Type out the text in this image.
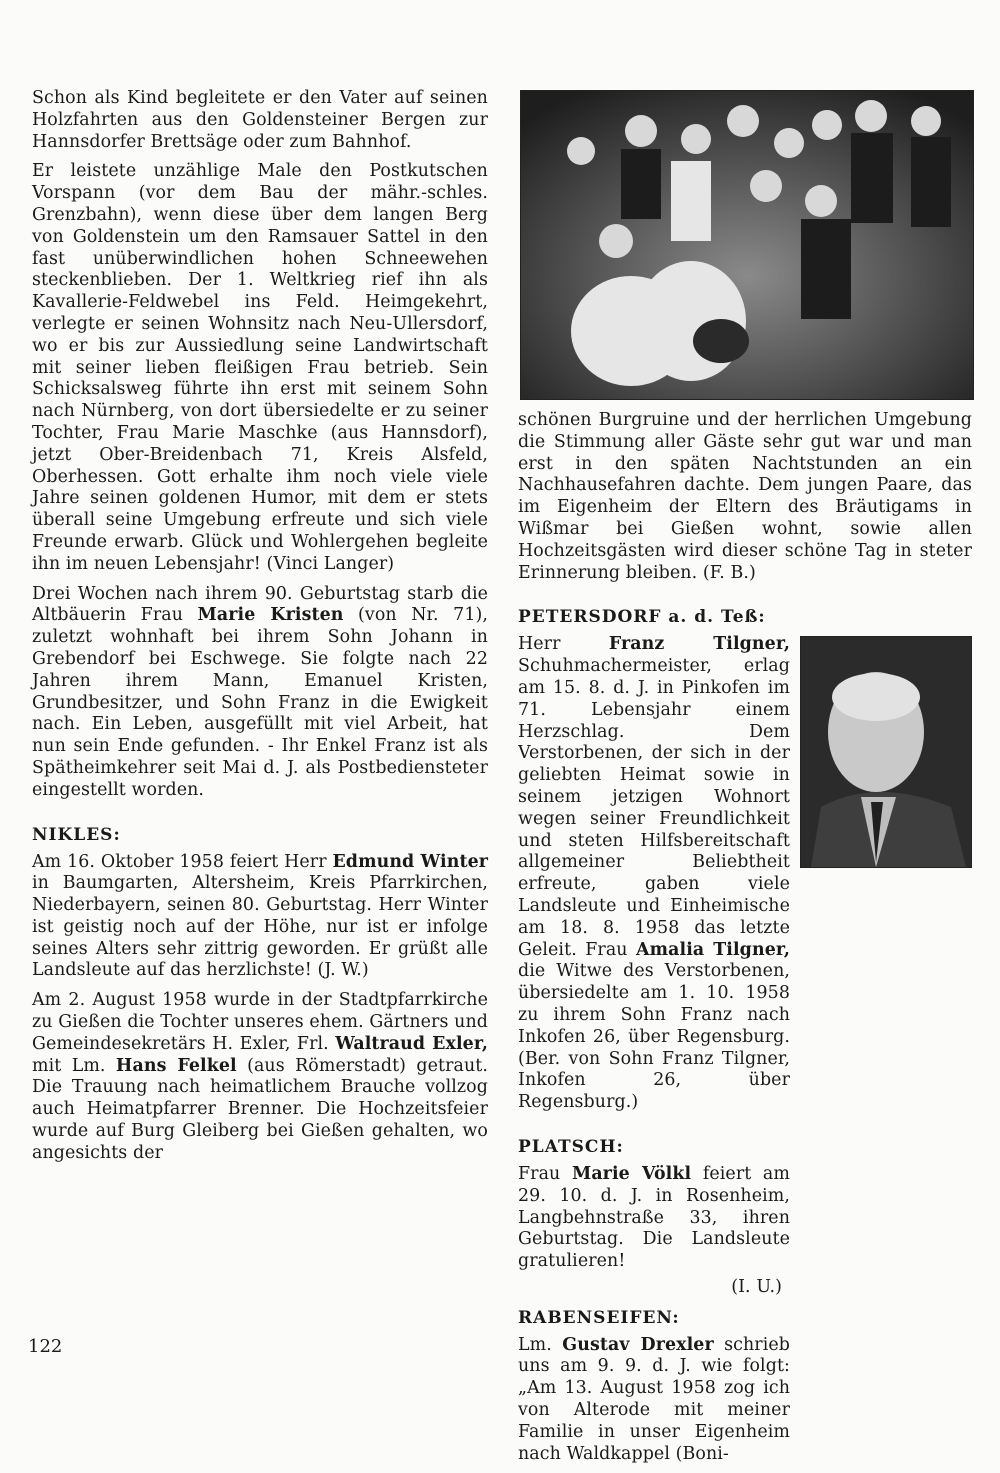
Schon als Kind begleitete er den Vater auf seinen Holzfahrten aus den Goldensteiner Bergen zur Hannsdorfer Brettsäge oder zum Bahnhof.

Er leistete unzählige Male den Postkutschen Vorspann (vor dem Bau der mähr.-schles. Grenzbahn), wenn diese über dem langen Berg von Goldenstein um den Ramsauer Sattel in den fast unüberwindlichen hohen Schneewehen steckenblieben. Der 1. Weltkrieg rief ihn als Kavallerie-Feldwebel ins Feld. Heimgekehrt, verlegte er seinen Wohnsitz nach Neu-Ullersdorf, wo er bis zur Aussiedlung seine Landwirtschaft mit seiner lieben fleißigen Frau betrieb. Sein Schicksalsweg führte ihn erst mit seinem Sohn nach Nürnberg, von dort übersiedelte er zu seiner Tochter, Frau Marie Maschke (aus Hannsdorf), jetzt Ober-Breidenbach 71, Kreis Alsfeld, Oberhessen. Gott erhalte ihm noch viele viele Jahre seinen goldenen Humor, mit dem er stets überall seine Umgebung erfreute und sich viele Freunde erwarb. Glück und Wohlergehen begleite ihn im neuen Lebensjahr! (Vinci Langer)

Drei Wochen nach ihrem 90. Geburtstag starb die Altbäuerin Frau Marie Kristen (von Nr. 71), zuletzt wohnhaft bei ihrem Sohn Johann in Grebendorf bei Eschwege. Sie folgte nach 22 Jahren ihrem Mann, Emanuel Kristen, Grundbesitzer, und Sohn Franz in die Ewigkeit nach. Ein Leben, ausgefüllt mit viel Arbeit, hat nun sein Ende gefunden. - Ihr Enkel Franz ist als Spätheimkehrer seit Mai d. J. als Postbediensteter eingestellt worden.

NIKLES:

Am 16. Oktober 1958 feiert Herr Edmund Winter in Baumgarten, Altersheim, Kreis Pfarrkirchen, Niederbayern, seinen 80. Geburtstag. Herr Winter ist geistig noch auf der Höhe, nur ist er infolge seines Alters sehr zittrig geworden. Er grüßt alle Landsleute auf das herzlichste! (J. W.)

Am 2. August 1958 wurde in der Stadtpfarrkirche zu Gießen die Tochter unseres ehem. Gärtners und Gemeindesekretärs H. Exler, Frl. Waltraud Exler, mit Lm. Hans Felkel (aus Römerstadt) getraut. Die Trauung nach heimatlichem Brauche vollzog auch Heimatpfarrer Brenner. Die Hochzeitsfeier wurde auf Burg Gleiberg bei Gießen gehalten, wo angesichts der

schönen Burgruine und der herrlichen Umgebung die Stimmung aller Gäste sehr gut war und man erst in den späten Nachtstunden an ein Nachhausefahren dachte. Dem jungen Paare, das im Eigenheim der Eltern des Bräutigams in Wißmar bei Gießen wohnt, sowie allen Hochzeitsgästen wird dieser schöne Tag in steter Erinnerung bleiben. (F. B.)

PETERSDORF a. d. Teß:

Herr Franz Tilgner, Schuhmachermeister, erlag am 15. 8. d. J. in Pinkofen im 71. Lebensjahr einem Herzschlag. Dem Verstorbenen, der sich in der geliebten Heimat sowie in seinem jetzigen Wohnort wegen seiner Freundlichkeit und steten Hilfsbereitschaft allgemeiner Beliebtheit erfreute, gaben viele Landsleute und Einheimische am 18. 8. 1958 das letzte Geleit. Frau Amalia Tilgner, die Witwe des Verstorbenen, übersiedelte am 1. 10. 1958 zu ihrem Sohn Franz nach Inkofen 26, über Regensburg. (Ber. von Sohn Franz Tilgner, Inkofen 26, über Regensburg.)

PLATSCH:

Frau Marie Völkl feiert am 29. 10. d. J. in Rosenheim, Langbehnstraße 33, ihren Geburtstag. Die Landsleute gratulieren!

(I. U.)
RABENSEIFEN:

Lm. Gustav Drexler schrieb uns am 9. 9. d. J. wie folgt: „Am 13. August 1958 zog ich von Alterode mit meiner Familie in unser Eigenheim nach Waldkappel (Boni-

122
